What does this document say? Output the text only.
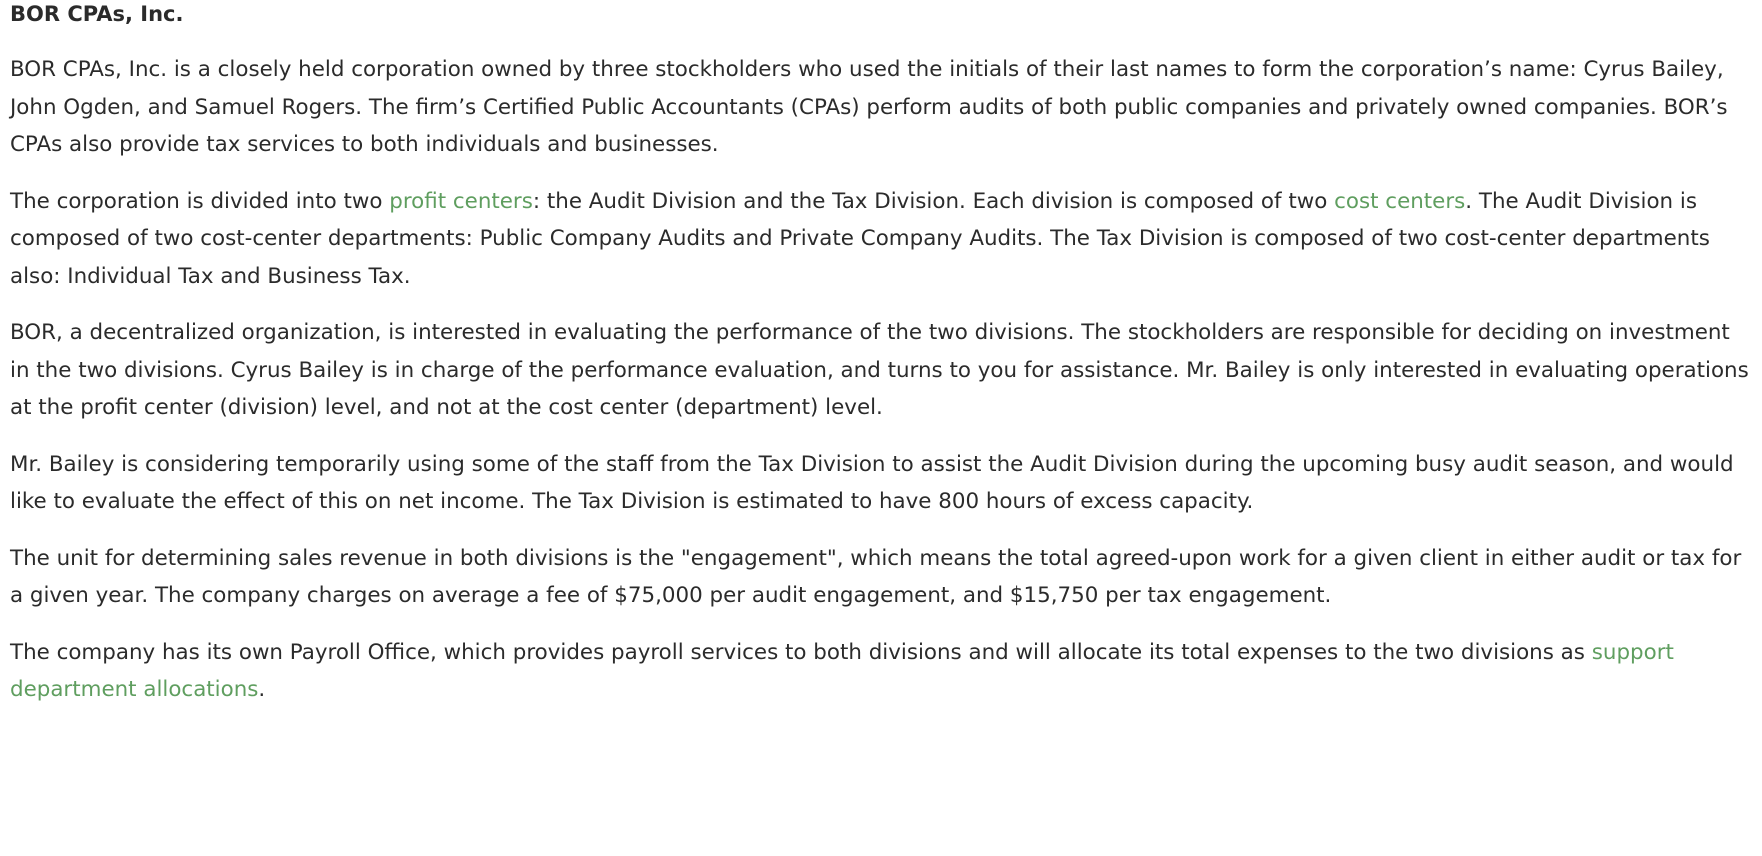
BOR CPAs, Inc.

BOR CPAs, Inc. is a closely held corporation owned by three stockholders who used the initials of their last names to form the corporation’s name: Cyrus Bailey, John Ogden, and Samuel Rogers. The firm’s Certified Public Accountants (CPAs) perform audits of both public companies and privately owned companies. BOR’s CPAs also provide tax services to both individuals and businesses.

The corporation is divided into two profit centers: the Audit Division and the Tax Division. Each division is composed of two cost centers. The Audit Division is composed of two cost-center departments: Public Company Audits and Private Company Audits. The Tax Division is composed of two cost-center departments also: Individual Tax and Business Tax.

BOR, a decentralized organization, is interested in evaluating the performance of the two divisions. The stockholders are responsible for deciding on investment in the two divisions. Cyrus Bailey is in charge of the performance evaluation, and turns to you for assistance. Mr. Bailey is only interested in evaluating operations at the profit center (division) level, and not at the cost center (department) level.

Mr. Bailey is considering temporarily using some of the staff from the Tax Division to assist the Audit Division during the upcoming busy audit season, and would like to evaluate the effect of this on net income. The Tax Division is estimated to have 800 hours of excess capacity.

The unit for determining sales revenue in both divisions is the "engagement", which means the total agreed-upon work for a given client in either audit or tax for a given year. The company charges on average a fee of $75,000 per audit engagement, and $15,750 per tax engagement.

The company has its own Payroll Office, which provides payroll services to both divisions and will allocate its total expenses to the two divisions as support department allocations.
